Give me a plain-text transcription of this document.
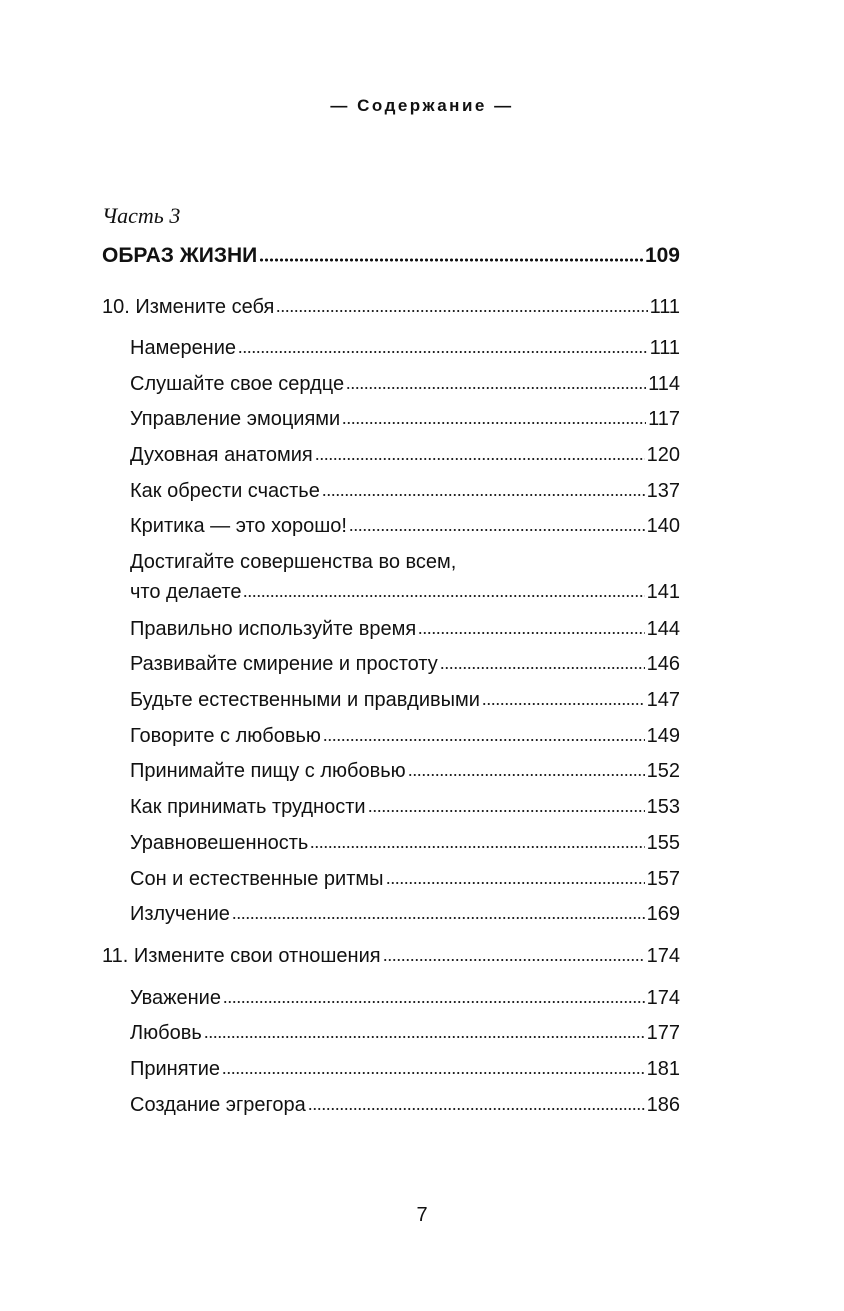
— Содержание —
Часть 3
ОБРАЗ ЖИЗНИ	109
10. Измените себя	111
Намерение	111
Слушайте свое сердце	114
Управление эмоциями	117
Духовная анатомия	120
Как обрести счастье	137
Критика — это хорошо!	140
Достигайте совершенства во всем,
что делаете	141
Правильно используйте время	144
Развивайте смирение и простоту	146
Будьте естественными и правдивыми	147
Говорите с любовью	149
Принимайте пищу с любовью	152
Как принимать трудности	153
Уравновешенность	155
Сон и естественные ритмы	157
Излучение	169
11. Измените свои отношения	174
Уважение	174
Любовь	177
Принятие	181
Создание эгрегора	186
7
